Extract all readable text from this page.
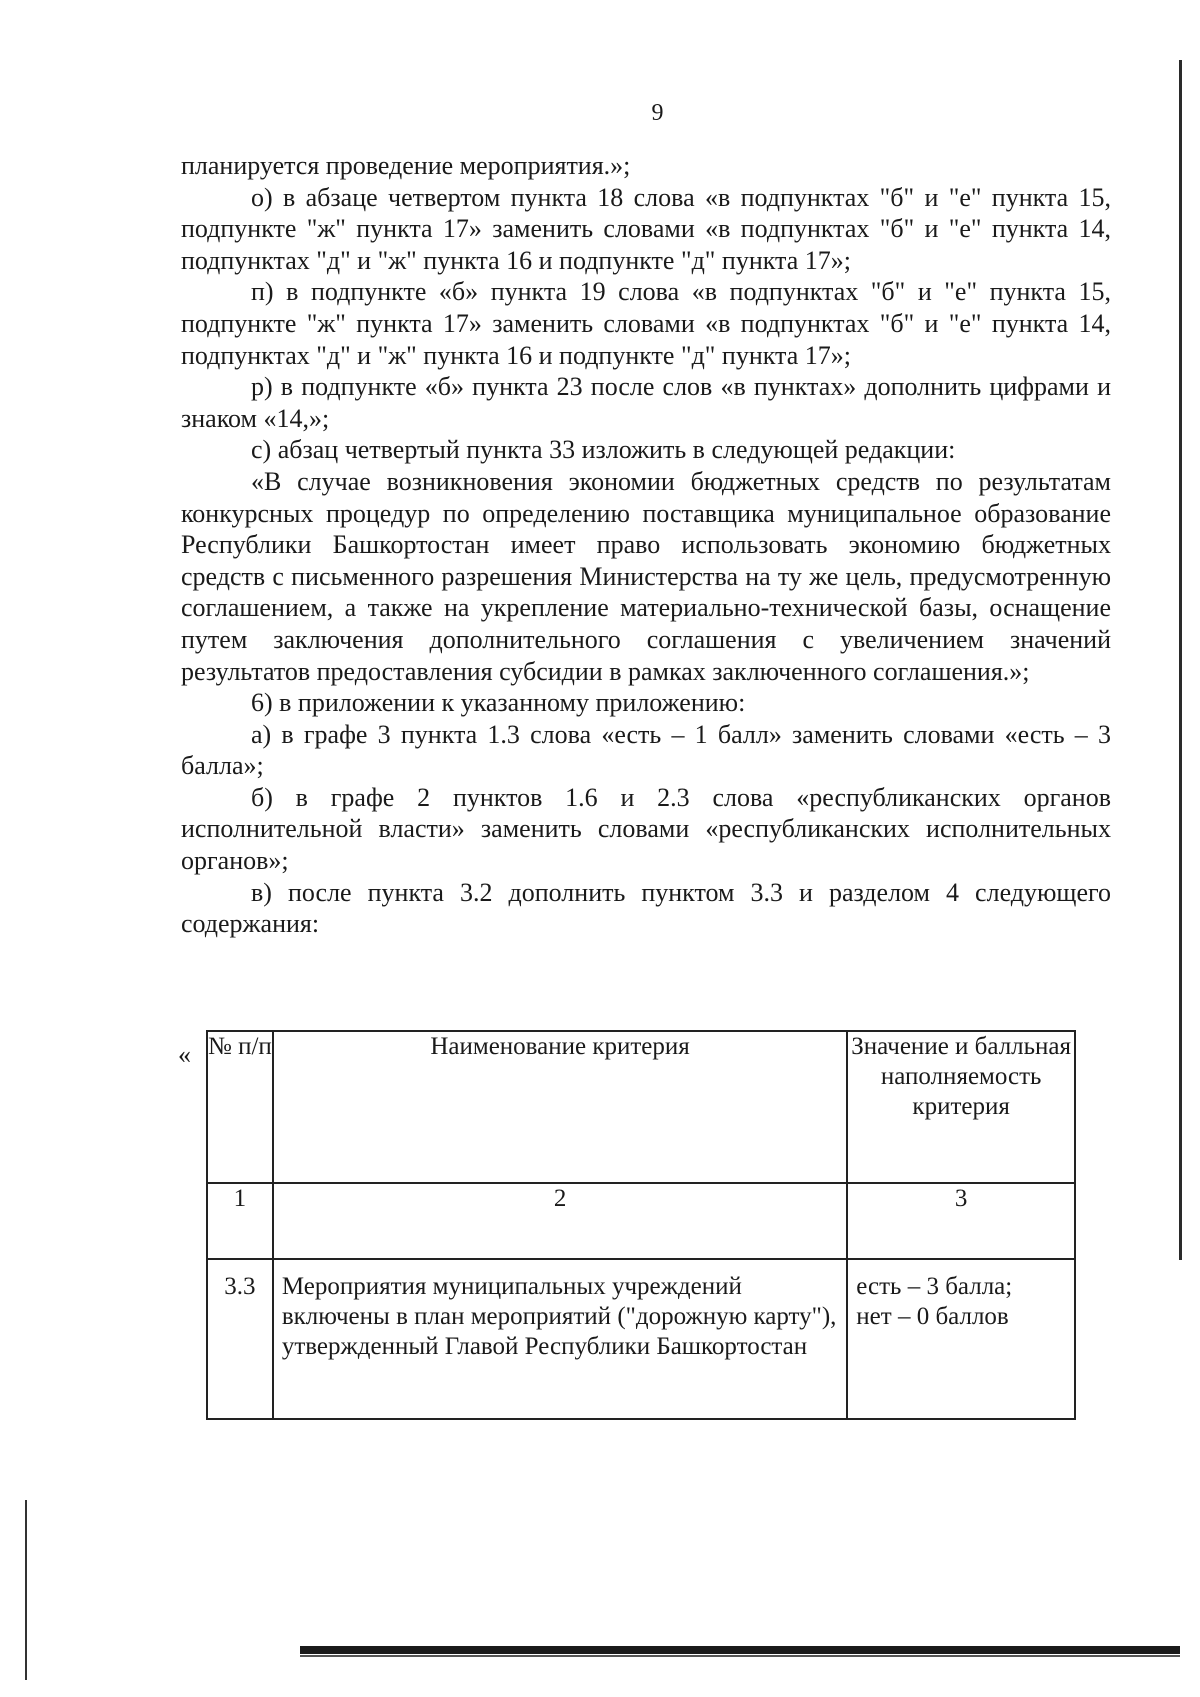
9

планируется проведение мероприятия.»;

о) в абзаце четвертом пункта 18 слова «в подпунктах "б" и "е" пункта 15, подпункте "ж" пункта 17» заменить словами «в подпунктах "б" и "е" пункта 14, подпунктах "д" и "ж" пункта 16 и подпункте "д" пункта 17»;

п) в подпункте «б» пункта 19 слова «в подпунктах "б" и "е" пункта 15, подпункте "ж" пункта 17» заменить словами «в подпунктах "б" и "е" пункта 14, подпунктах "д" и "ж" пункта 16 и подпункте "д" пункта 17»;

р) в подпункте «б» пункта 23 после слов «в пунктах» дополнить цифрами и знаком «14,»;

с) абзац четвертый пункта 33 изложить в следующей редакции:

«В случае возникновения экономии бюджетных средств по результатам конкурсных процедур по определению поставщика муниципальное образование Республики Башкортостан имеет право использовать экономию бюджетных средств с письменного разрешения Министерства на ту же цель, предусмотренную соглашением, а также на укрепление материально-технической базы, оснащение путем заключения дополнительного соглашения с увеличением значений результатов предоставления субсидии в рамках заключенного соглашения.»;

6) в приложении к указанному приложению:

а) в графе 3 пункта 1.3 слова «есть – 1 балл» заменить словами «есть – 3 балла»;

б) в графе 2 пунктов 1.6 и 2.3 слова «республиканских органов исполнительной власти» заменить словами «республиканских исполнительных органов»;

в) после пункта 3.2 дополнить пунктом 3.3 и разделом 4 следующего содержания:

« № п/п	Наименование критерия	Значение и балльная наполняемость критерия
1	2	3
3.3	Мероприятия муниципальных учреждений включены в план мероприятий ("дорожную карту"), утвержденный Главой Республики Башкортостан	есть – 3 балла;
нет – 0 баллов
